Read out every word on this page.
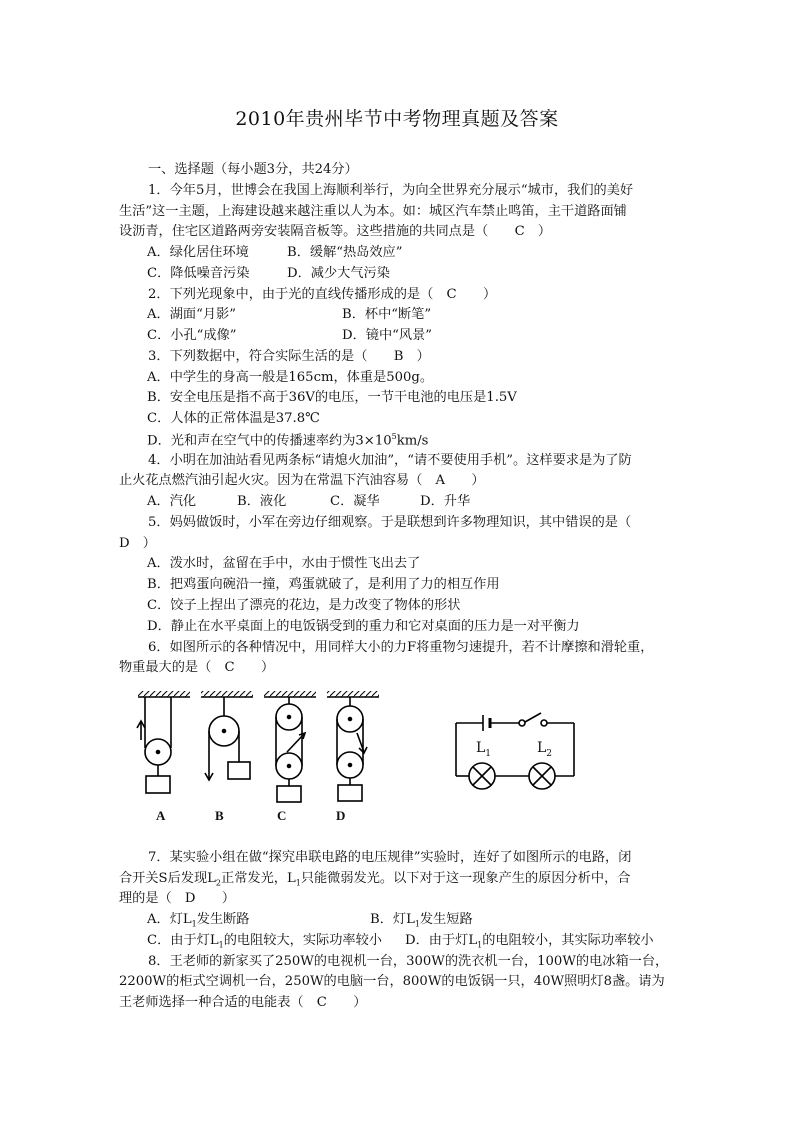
2010年贵州毕节中考物理真题及答案
一、选择题（每小题3分，共24分）
1．今年5月，世博会在我国上海顺利举行，为向全世界充分展示“城市，我们的美好
生活”这一主题，上海建设越来越注重以人为本。如：城区汽车禁止鸣笛，主干道路面铺
设沥青，住宅区道路两旁安装隔音板等。这些措施的共同点是（　　C　）
A．绿化居住环境	B．缓解“热岛效应”
C．降低噪音污染	D．减少大气污染
2．下列光现象中，由于光的直线传播形成的是（　C　　）
A．湖面“月影”	B．杯中“断笔”
C．小孔“成像”	D．镜中“风景”
3．下列数据中，符合实际生活的是（　　B　）
A．中学生的身高一般是165cm，体重是500g。
B．安全电压是指不高于36V的电压，一节干电池的电压是1.5V
C．人体的正常体温是37.8℃
D．光和声在空气中的传播速率约为$3\times 10^5km/s$
4．小明在加油站看见两条标“请熄火加油”，“请不要使用手机”。这样要求是为了防
止火花点燃汽油引起火灾。因为在常温下汽油容易（　A　　）
A．汽化	B．液化	C．凝华	D．升华
5．妈妈做饭时，小军在旁边仔细观察。于是联想到许多物理知识，其中错误的是（
D　）
A．泼水时，盆留在手中，水由于惯性飞出去了
B．把鸡蛋向碗沿一撞，鸡蛋就破了，是利用了力的相互作用
C．饺子上捏出了漂亮的花边，是力改变了物体的形状
D．静止在水平桌面上的电饭锅受到的重力和它对桌面的压力是一对平衡力
6．如图所示的各种情况中，用同样大小的力F将重物匀速提升，若不计摩擦和滑轮重，
物重最大的是（　C　　）
A	B	C	D
$L_1$	$L_2$
7．某实验小组在做“探究串联电路的电压规律”实验时，连好了如图所示的电路，闭
合开关S后发现$L_2$正常发光，$L_1$只能微弱发光。以下对于这一现象产生的原因分析中，合
理的是（　D　　）
A．灯$L_1$发生断路	B．灯$L_1$发生短路
C．由于灯$L_1$的电阻较大，实际功率较小 D．由于灯$L_1$的电阻较小，其实际功率较小
8．王老师的新家买了250W的电视机一台，300W的洗衣机一台，100W的电冰箱一台，
2200W的柜式空调机一台，250W的电脑一台，800W的电饭锅一只，40W照明灯8盏。请为
王老师选择一种合适的电能表（　C　　）
